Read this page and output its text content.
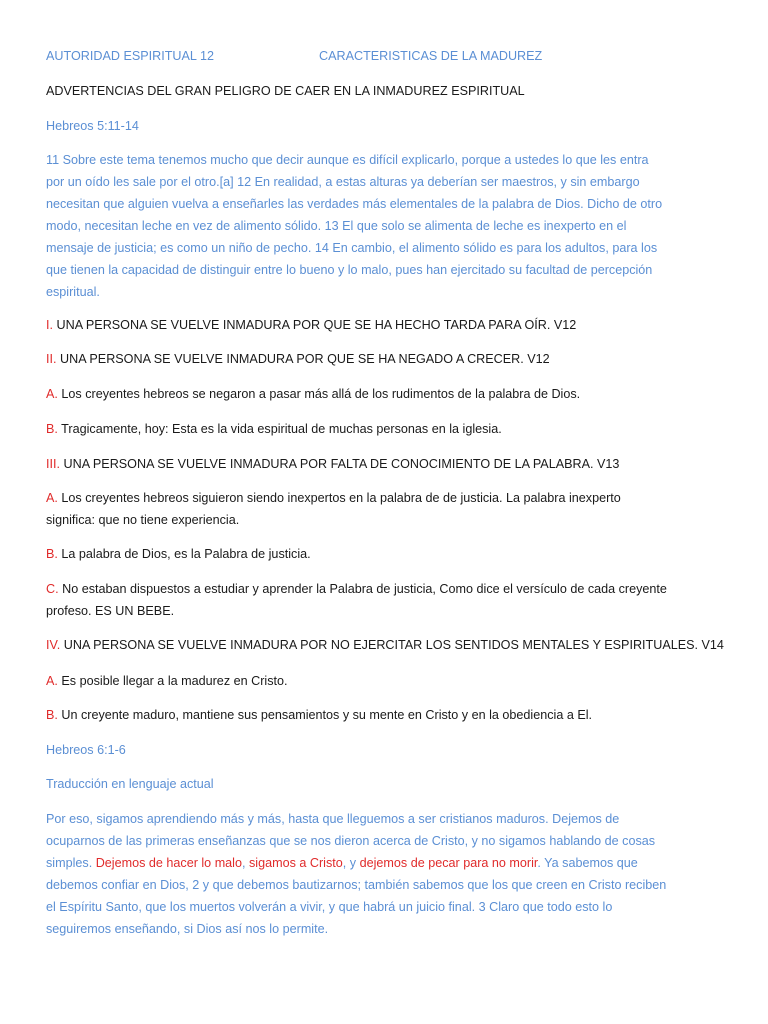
AUTORIDAD ESPIRITUAL 12	CARACTERISTICAS DE LA MADUREZ
ADVERTENCIAS DEL GRAN PELIGRO DE CAER EN LA INMADUREZ ESPIRITUAL
Hebreos 5:11-14
11 Sobre este tema tenemos mucho que decir aunque es difícil explicarlo, porque a ustedes lo que les entra
por un oído les sale por el otro.[a] 12 En realidad, a estas alturas ya deberían ser maestros, y sin embargo
necesitan que alguien vuelva a enseñarles las verdades más elementales de la palabra de Dios. Dicho de otro
modo, necesitan leche en vez de alimento sólido. 13 El que solo se alimenta de leche es inexperto en el
mensaje de justicia; es como un niño de pecho. 14 En cambio, el alimento sólido es para los adultos, para los
que tienen la capacidad de distinguir entre lo bueno y lo malo, pues han ejercitado su facultad de percepción
espiritual.
I. UNA PERSONA SE VUELVE INMADURA POR QUE SE HA HECHO TARDA PARA OÍR. V12
II. UNA PERSONA SE VUELVE INMADURA POR QUE SE HA NEGADO A CRECER. V12
A. Los creyentes hebreos se negaron a pasar más allá de los rudimentos de la palabra de Dios.
B. Tragicamente, hoy: Esta es la vida espiritual de muchas personas en la iglesia.
III. UNA PERSONA SE VUELVE INMADURA POR FALTA DE CONOCIMIENTO DE LA PALABRA. V13
A. Los creyentes hebreos siguieron siendo inexpertos en la palabra de de justicia. La palabra inexperto
significa: que no tiene experiencia.
B. La palabra de Dios, es la Palabra de justicia.
C. No estaban dispuestos a estudiar y aprender la Palabra de justicia, Como dice el versículo de cada creyente
profeso. ES UN BEBE.
IV. UNA PERSONA SE VUELVE INMADURA POR NO EJERCITAR LOS SENTIDOS MENTALES Y ESPIRITUALES. V14
A. Es posible llegar a la madurez en Cristo.
B. Un creyente maduro, mantiene sus pensamientos y su mente en Cristo y en la obediencia a El.
Hebreos 6:1-6
Traducción en lenguaje actual
Por eso, sigamos aprendiendo más y más, hasta que lleguemos a ser cristianos maduros. Dejemos de
ocuparnos de las primeras enseñanzas que se nos dieron acerca de Cristo, y no sigamos hablando de cosas
simples. Dejemos de hacer lo malo, sigamos a Cristo, y dejemos de pecar para no morir. Ya sabemos que
debemos confiar en Dios, 2 y que debemos bautizarnos; también sabemos que los que creen en Cristo reciben
el Espíritu Santo, que los muertos volverán a vivir, y que habrá un juicio final. 3 Claro que todo esto lo
seguiremos enseñando, si Dios así nos lo permite.
